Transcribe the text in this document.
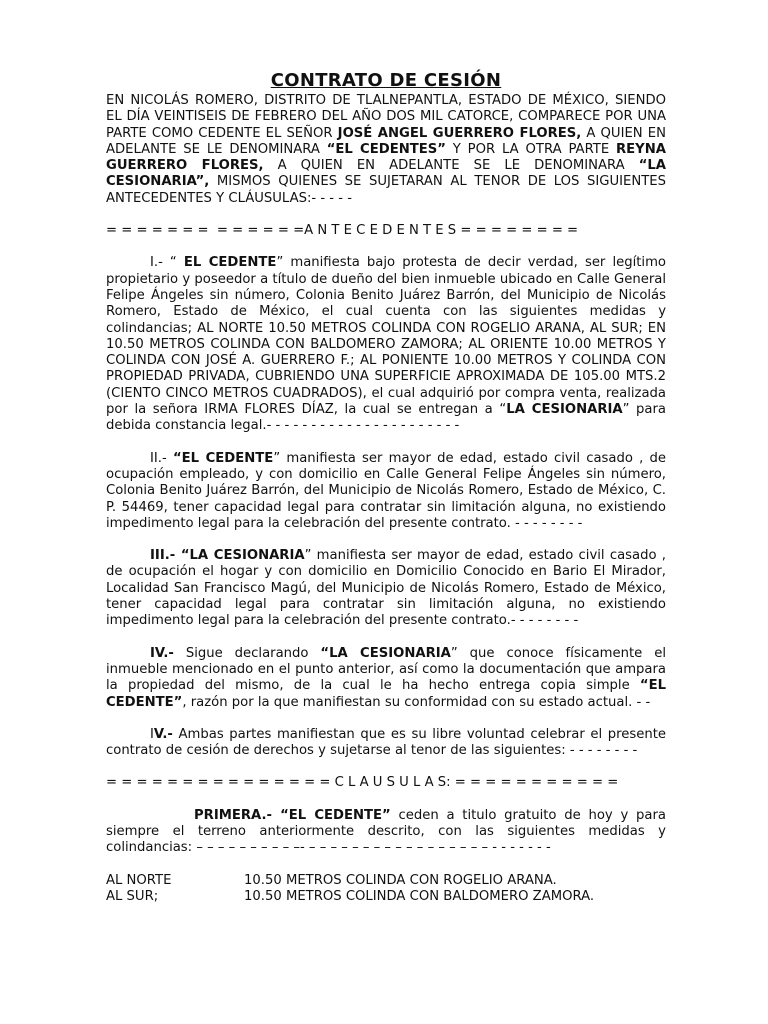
CONTRATO DE CESIÓN

EN NICOLÁS ROMERO, DISTRITO DE TLALNEPANTLA, ESTADO DE MÉXICO, SIENDO EL DÍA VEINTISEIS DE FEBRERO DEL AÑO DOS MIL CATORCE, COMPARECE POR UNA PARTE COMO CEDENTE EL SEÑOR JOSÉ ANGEL GUERRERO FLORES, A QUIEN EN ADELANTE SE LE DENOMINARA “EL CEDENTES” Y POR LA OTRA PARTE REYNA GUERRERO FLORES, A QUIEN EN ADELANTE SE LE DENOMINARA “LA CESIONARIA”, MISMOS QUIENES SE SUJETARAN AL TENOR DE LOS SIGUIENTES ANTECEDENTES Y CLÁUSULAS:- - - - -

= = = = = = =  = = = = = =A N T E C E D E N T E S = = = = = = = =

I.- “ EL CEDENTE” manifiesta bajo protesta de decir verdad, ser legítimo propietario y poseedor a título de dueño del bien inmueble ubicado en Calle General Felipe Ángeles sin número, Colonia Benito Juárez Barrón, del Municipio de Nicolás Romero, Estado de México, el cual cuenta con las siguientes medidas y colindancias; AL NORTE 10.50 METROS COLINDA CON ROGELIO ARANA, AL SUR; EN 10.50 METROS COLINDA CON BALDOMERO ZAMORA; AL ORIENTE 10.00 METROS Y COLINDA CON JOSÉ A. GUERRERO F.; AL PONIENTE 10.00 METROS Y COLINDA CON PROPIEDAD PRIVADA, CUBRIENDO UNA SUPERFICIE APROXIMADA DE 105.00 MTS.2 (CIENTO CINCO METROS CUADRADOS), el cual adquirió por compra venta, realizada por la señora IRMA FLORES DÍAZ, la cual se entregan a “LA CESIONARIA” para debida constancia legal.- - - - - - - - - - - - - - - - - - - - - -

II.- “EL CEDENTE” manifiesta ser mayor de edad, estado civil casado , de ocupación empleado, y con domicilio en Calle General Felipe Ángeles sin número, Colonia Benito Juárez Barrón, del Municipio de Nicolás Romero, Estado de México, C. P. 54469, tener capacidad legal para contratar sin limitación alguna, no existiendo impedimento legal para la celebración del presente contrato. - - - - - - - -

III.- “LA CESIONARIA” manifiesta ser mayor de edad, estado civil casado , de ocupación el hogar y con domicilio en Domicilio Conocido en Bario El Mirador, Localidad San Francisco Magú, del Municipio de Nicolás Romero, Estado de México, tener capacidad legal para contratar sin limitación alguna, no existiendo impedimento legal para la celebración del presente contrato.- - - - - - - -

IV.- Sigue declarando “LA CESIONARIA” que conoce físicamente el inmueble mencionado en el punto anterior, así como la documentación que ampara la propiedad del mismo, de la cual le ha hecho entrega copia simple “EL CEDENTE”, razón por la que manifiestan su conformidad con su estado actual. - -

IV.- Ambas partes manifiestan que es su libre voluntad celebrar el presente contrato de cesión de derechos y sujetarse al tenor de las siguientes: - - - - - - - -

= = = = = = = = = = = = = = = C L A U S U L A S: = = = = = = = = = = =

PRIMERA.- “EL CEDENTE” ceden a titulo gratuito de hoy y para siempre el terreno anteriormente descrito, con las siguientes medidas y colindancias: – – – – – – – – – –- – – – – – – – – – – – – – – – – – - - - - - - -

AL NORTE	10.50 METROS COLINDA CON ROGELIO ARANA.
AL SUR;	10.50 METROS COLINDA CON BALDOMERO ZAMORA.
